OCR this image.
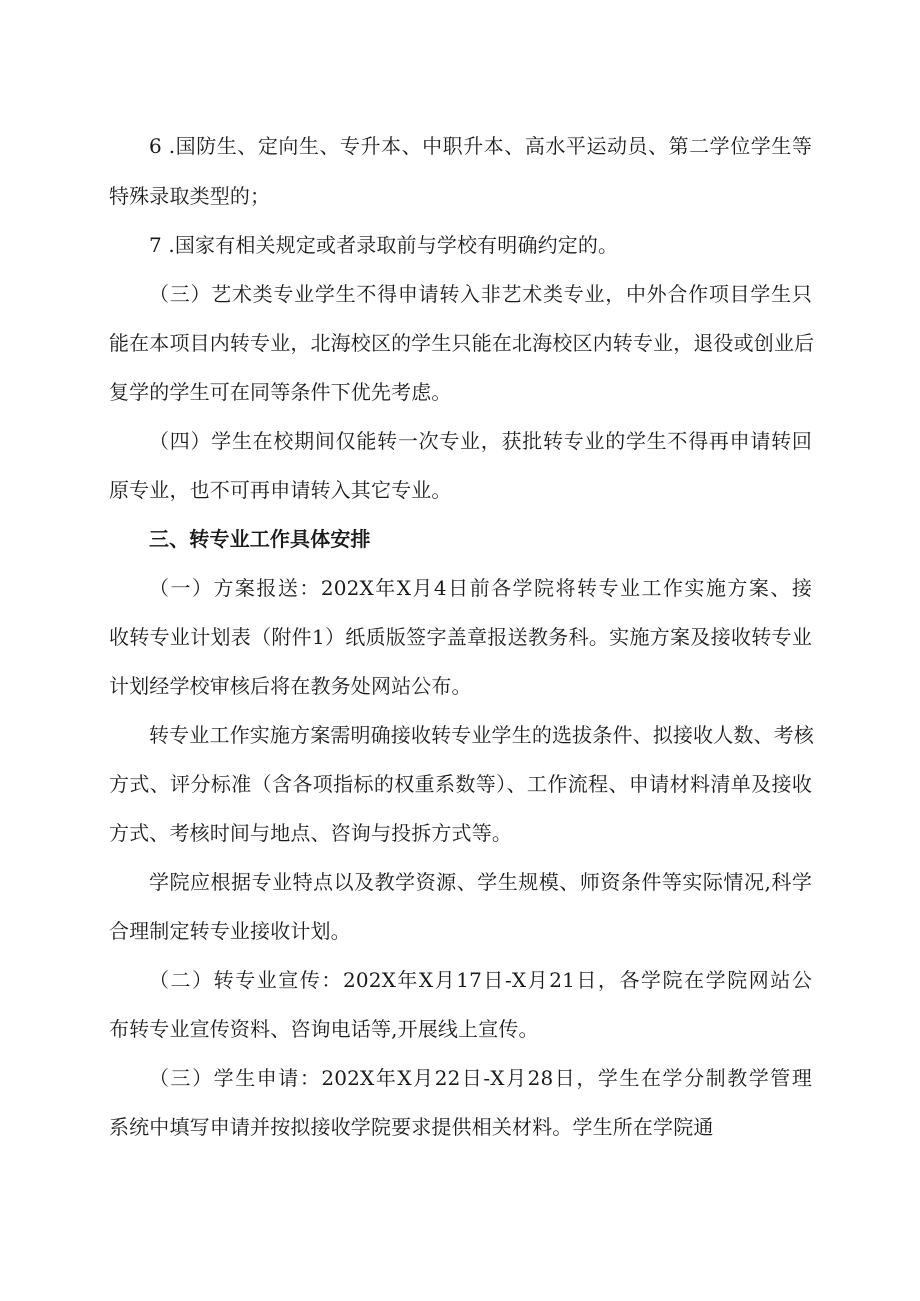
6 .国防生、定向生、专升本、中职升本、高水平运动员、第二学位学生等
特殊录取类型的；
7 .国家有相关规定或者录取前与学校有明确约定的。
（三）艺术类专业学生不得申请转入非艺术类专业，中外合作项目学生只
能在本项目内转专业，北海校区的学生只能在北海校区内转专业，退役或创业后
复学的学生可在同等条件下优先考虑。
（四）学生在校期间仅能转一次专业，获批转专业的学生不得再申请转回
原专业，也不可再申请转入其它专业。
三、转专业工作具体安排
（一）方案报送：202X年X月4日前各学院将转专业工作实施方案、接
收转专业计划表（附件1）纸质版签字盖章报送教务科。实施方案及接收转专业
计划经学校审核后将在教务处网站公布。
转专业工作实施方案需明确接收转专业学生的选拔条件、拟接收人数、考核
方式、评分标准（含各项指标的权重系数等）、工作流程、申请材料清单及接收
方式、考核时间与地点、咨询与投拆方式等。
学院应根据专业特点以及教学资源、学生规模、师资条件等实际情况,科学
合理制定转专业接收计划。
（二）转专业宣传：202X年X月17日-X月21日，各学院在学院网站公
布转专业宣传资料、咨询电话等,开展线上宣传。
（三）学生申请：202X年X月22日-X月28日，学生在学分制教学管理
系统中填写申请并按拟接收学院要求提供相关材料。学生所在学院通
